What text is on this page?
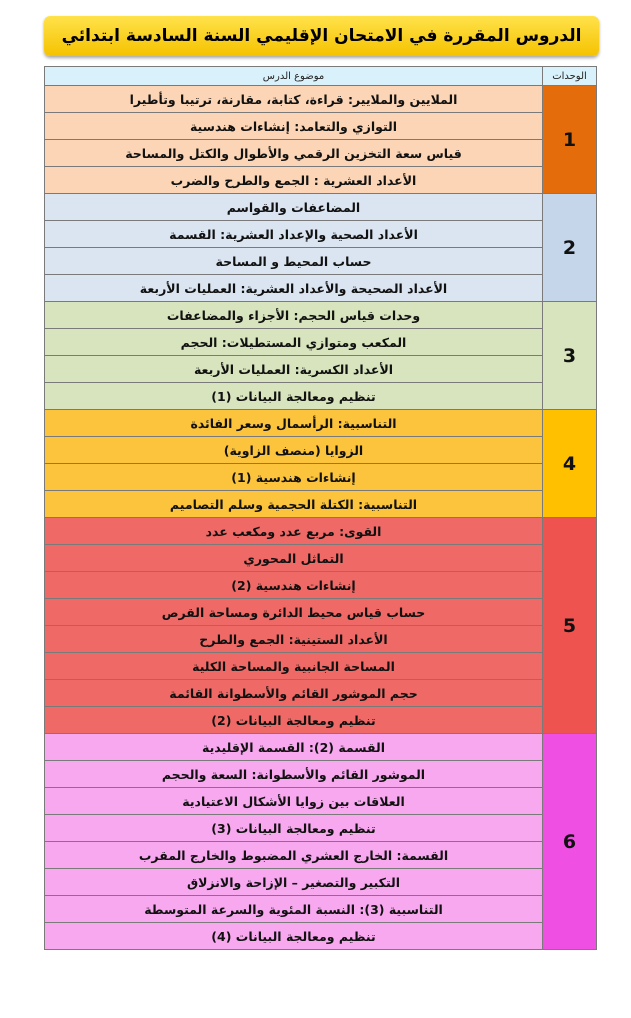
الدروس المقررة في الامتحان الإقليمي السنة السادسة ابتدائي
الوحدات	موضوع الدرس
1	الملايين والملايير: قراءة، كتابة، مقارنة، ترتيبا وتأطيرا
	التوازي والتعامد: إنشاءات هندسية
	قياس سعة التخزين الرقمي والأطوال والكتل والمساحة
	الأعداد العشرية : الجمع والطرح والضرب
2	المضاعفات والقواسم
	الأعداد الصحية والإعداد العشرية: القسمة
	حساب المحيط و المساحة
	الأعداد الصحيحة والأعداد العشرية: العمليات الأربعة
3	وحدات قياس الحجم: الأجزاء والمضاعفات
	المكعب ومتوازي المستطيلات: الحجم
	الأعداد الكسرية: العمليات الأربعة
	تنظيم ومعالجة البيانات (1)
4	التناسبية: الرأسمال وسعر الفائدة
	الزوايا (منصف الزاوية)
	إنشاءات هندسية (1)
	التناسبية: الكتلة الحجمية وسلم التصاميم
5	القوى: مربع عدد ومكعب عدد
	التماثل المحوري
	إنشاءات هندسية (2)
	حساب قياس محيط الدائرة ومساحة القرص
	الأعداد الستينية: الجمع والطرح
	المساحة الجانبية والمساحة الكلية
	حجم الموشور القائم والأسطوانة القائمة
	تنظيم ومعالجة البيانات (2)
6	القسمة (2): القسمة الإقليدية
	الموشور القائم والأسطوانة: السعة والحجم
	العلاقات بين زوايا الأشكال الاعتيادية
	تنظيم ومعالجة البيانات (3)
	القسمة: الخارج العشري المضبوط والخارج المقرب
	التكبير والتصغير – الإزاحة والانزلاق
	التناسبية (3): النسبة المئوية والسرعة المتوسطة
	تنظيم ومعالجة البيانات (4)
